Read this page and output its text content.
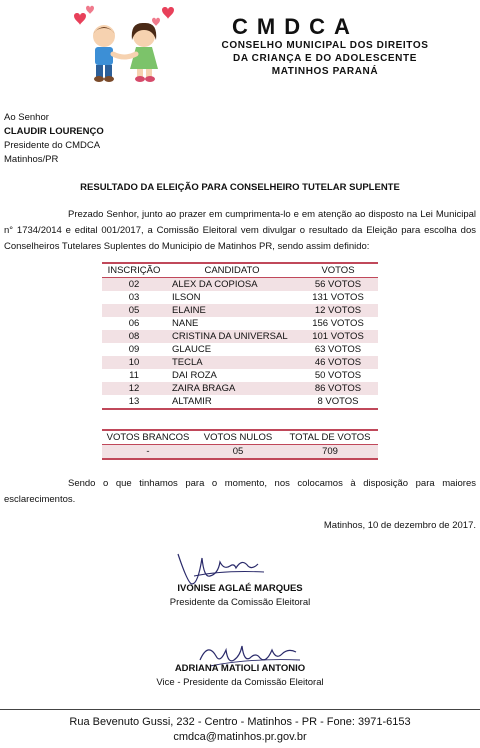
CMDCA
CONSELHO MUNICIPAL DOS DIREITOS
DA CRIANÇA E DO ADOLESCENTE
MATINHOS PARANÁ
Ao Senhor
CLAUDIR LOURENÇO
Presidente do CMDCA
Matinhos/PR
RESULTADO DA ELEIÇÃO PARA CONSELHEIRO TUTELAR SUPLENTE
Prezado Senhor, junto ao prazer em cumprimenta-lo e em atenção ao disposto na Lei Municipal n° 1734/2014 e edital 001/2017, a Comissão Eleitoral vem divulgar o resultado da Eleição para escolha dos Conselheiros Tutelares Suplentes do Municipio de Matinhos PR, sendo assim definido:
INSCRIÇÃO	CANDIDATO	VOTOS
02	ALEX DA COPIOSA	56 VOTOS
03	ILSON	131 VOTOS
05	ELAINE	12 VOTOS
06	NANE	156 VOTOS
08	CRISTINA DA UNIVERSAL	101 VOTOS
09	GLAUCE	63 VOTOS
10	TECLA	46 VOTOS
11	DAI ROZA	50 VOTOS
12	ZAIRA BRAGA	86 VOTOS
13	ALTAMIR	8 VOTOS
VOTOS BRANCOS	VOTOS NULOS	TOTAL DE VOTOS
-	05	709
Sendo o que tinhamos para o momento, nos colocamos à disposição para maiores esclarecimentos.
Matinhos, 10 de dezembro de 2017.
IVONISE AGLAÉ MARQUES
Presidente da Comissão Eleitoral
ADRIANA MATIOLI ANTONIO
Vice - Presidente da Comissão Eleitoral
Rua Bevenuto Gussi, 232 - Centro - Matinhos - PR - Fone: 3971-6153
cmdca@matinhos.pr.gov.br
